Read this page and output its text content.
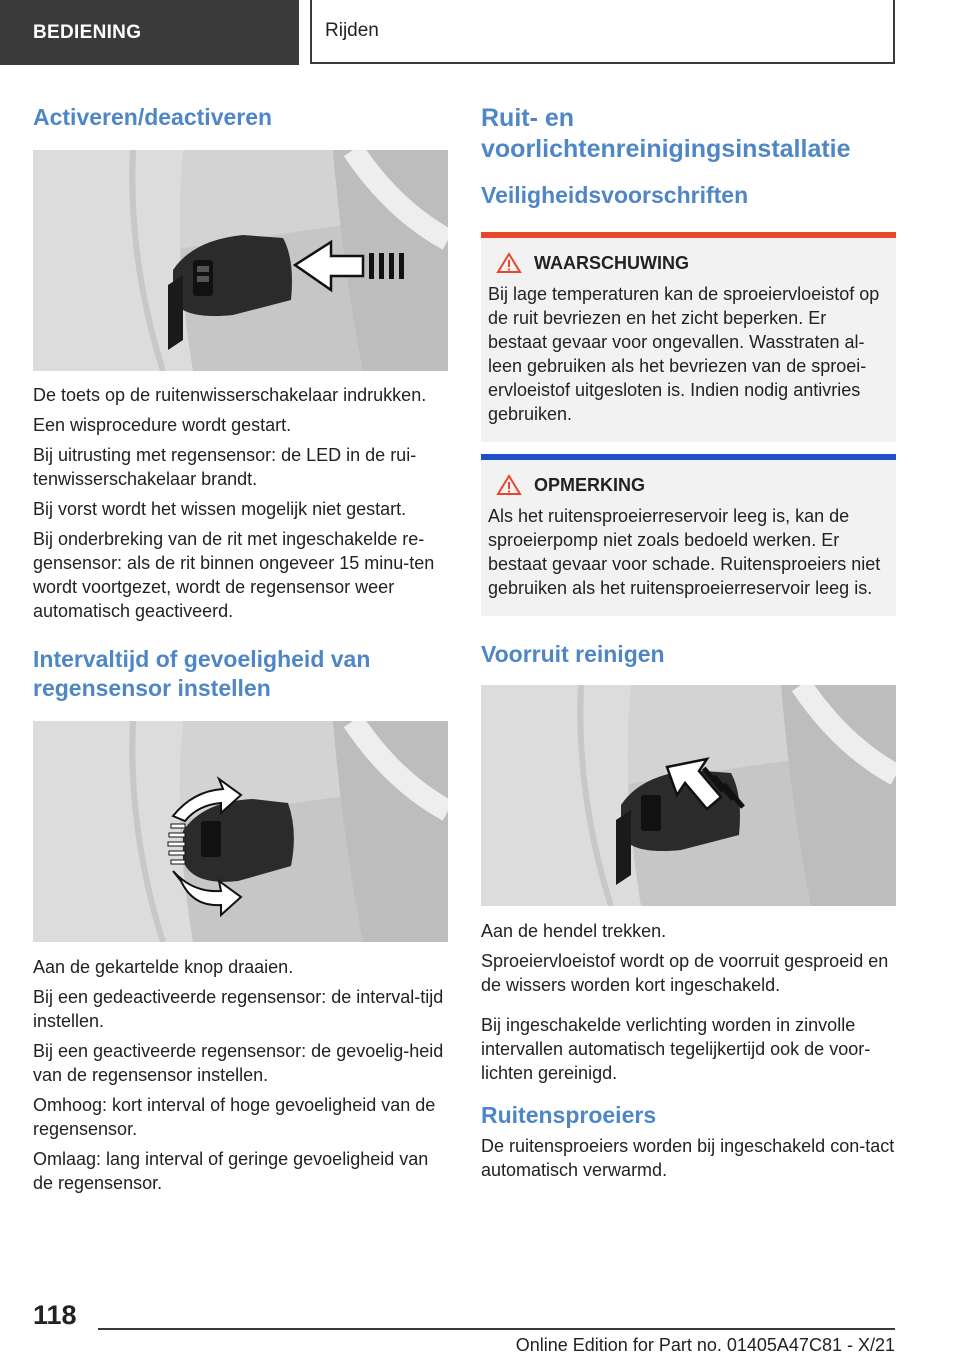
BEDIENING	Rijden
Activeren/deactiveren

De toets op de ruitenwisserschakelaar indrukken.

Een wisprocedure wordt gestart.

Bij uitrusting met regensensor: de LED in de rui-tenwisserschakelaar brandt.

Bij vorst wordt het wissen mogelijk niet gestart.

Bij onderbreking van de rit met ingeschakelde re-gensensor: als de rit binnen ongeveer 15 minu-ten wordt voortgezet, wordt de regensensor weer automatisch geactiveerd.

Intervaltijd of gevoeligheid van regensensor instellen

Aan de gekartelde knop draaien.

Bij een gedeactiveerde regensensor: de interval-tijd instellen.

Bij een geactiveerde regensensor: de gevoelig-heid van de regensensor instellen.

Omhoog: kort interval of hoge gevoeligheid van de regensensor.

Omlaag: lang interval of geringe gevoeligheid van de regensensor.

Ruit- en voorlichtenreinigingsinstallatie
Veiligheidsvoorschriften
WAARSCHUWING

Bij lage temperaturen kan de sproeiervloeistof op de ruit bevriezen en het zicht beperken. Er bestaat gevaar voor ongevallen. Wasstraten al-leen gebruiken als het bevriezen van de sproei-ervloeistof uitgesloten is. Indien nodig antivries gebruiken.

OPMERKING

Als het ruitensproeierreservoir leeg is, kan de sproeierpomp niet zoals bedoeld werken. Er bestaat gevaar voor schade. Ruitensproeiers niet gebruiken als het ruitensproeierreservoir leeg is.

Voorruit reinigen

Aan de hendel trekken.

Sproeiervloeistof wordt op de voorruit gesproeid en de wissers worden kort ingeschakeld.

Bij ingeschakelde verlichting worden in zinvolle intervallen automatisch tegelijkertijd ook de voor-lichten gereinigd.

Ruitensproeiers

De ruitensproeiers worden bij ingeschakeld con-tact automatisch verwarmd.

118
Online Edition for Part no. 01405A47C81 - X/21
